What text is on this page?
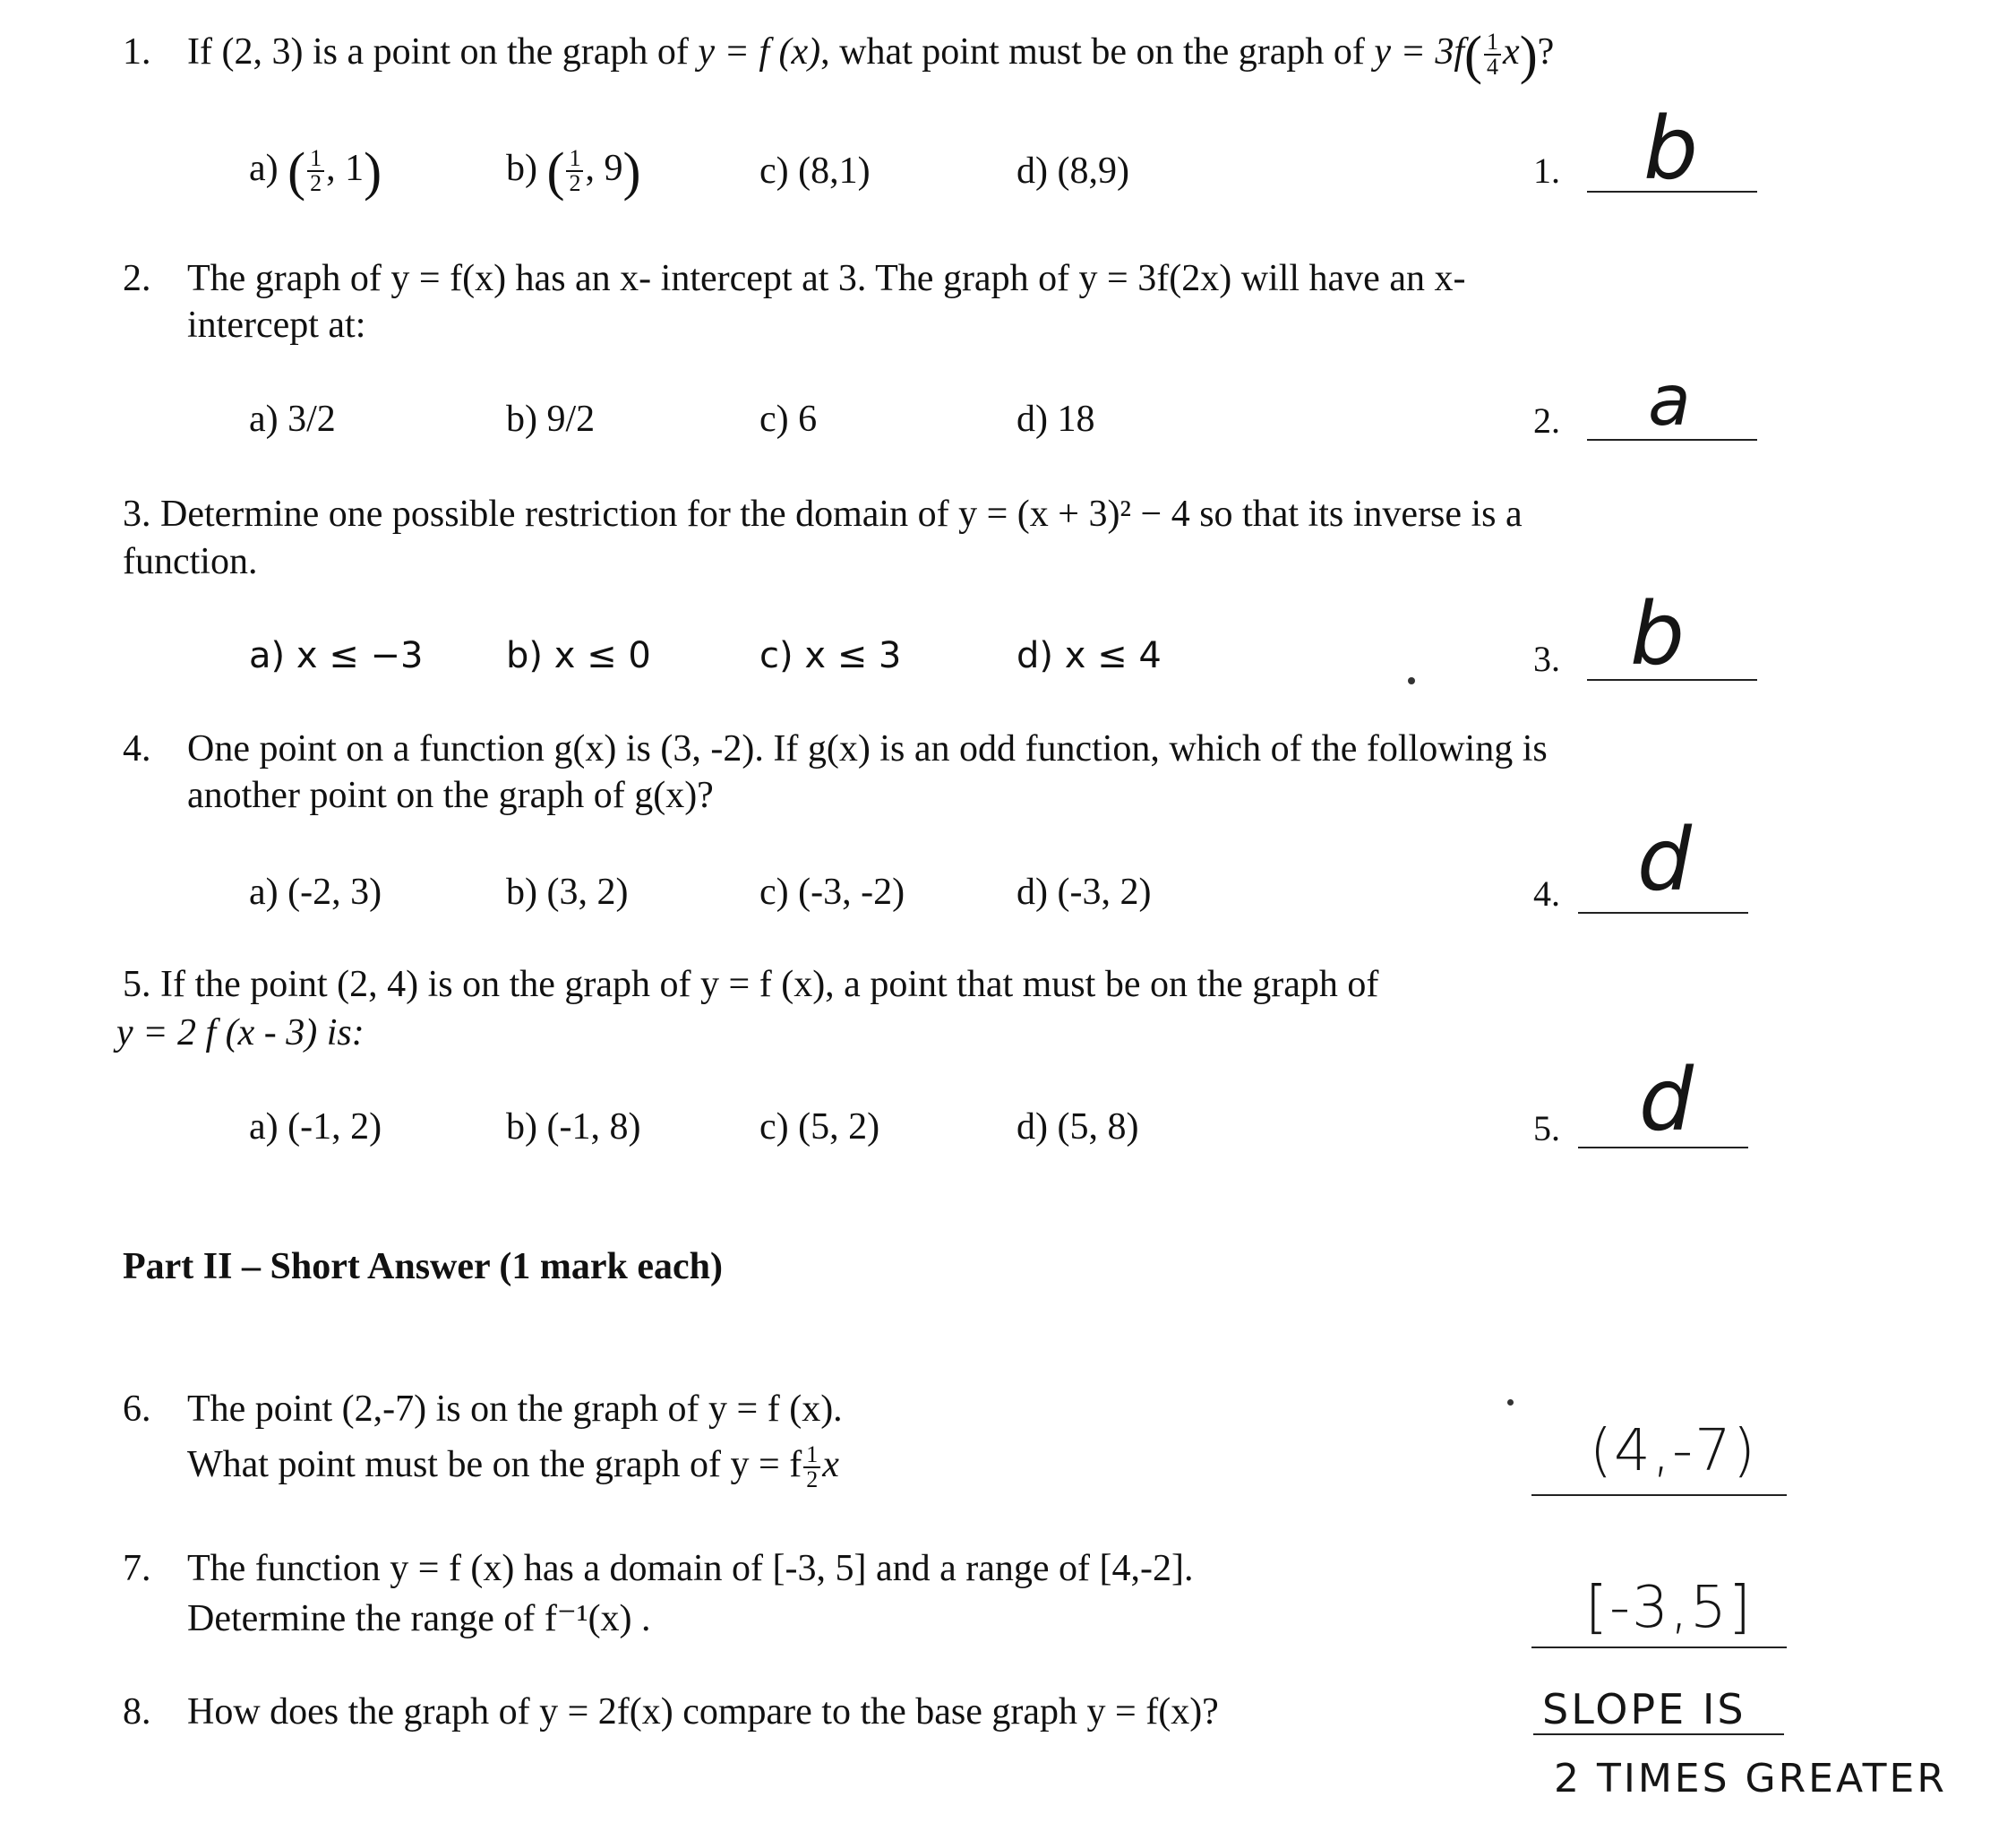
1. If (2, 3) is a point on the graph of y = f (x), what point must be on the graph of $y = 3f( \frac{1}{4} x)$?
a) ( $\frac{1}{2}$ , 1)	b) ( $\frac{1}{2}$ , 9)	c) (8,1)	d) (8,9)	1. b
2. The graph of y = f(x) has an x- intercept at 3. The graph of y = 3f(2x) will have an x-
intercept at:
a) 3/2	b) 9/2	c) 6	d) 18	2. a
3. Determine one possible restriction for the domain of y = (x + 3)² − 4 so that its inverse is a
function.
a) x ≤ −3 b) x ≤ 0	c) x ≤ 3	d) x ≤ 4	3. b
4. One point on a function g(x) is (3, -2). If g(x) is an odd function, which of the following is
another point on the graph of g(x)?
a) (-2, 3)	b) (3, 2)	c) (-3, -2)	d) (-3, 2)	4. d
5. If the point (2, 4) is on the graph of y = f (x), a point that must be on the graph of
y = 2 f (x - 3) is:
a) (-1, 2)	b) (-1, 8)	c) (5, 2)	d) (5, 8)	5. d
Part II – Short Answer (1 mark each)
6. The point (2,-7) is on the graph of y = f (x).
What point must be on the graph of y = f $\frac{1}{2}$ x	(4,-7)
7. The function y = f (x) has a domain of [-3, 5] and a range of [4,-2].
Determine the range of f⁻¹(x) .	[-3,5]
8. How does the graph of y = 2f(x) compare to the base graph y = f(x)?	SLOPE IS
2 TIMES GREATER
